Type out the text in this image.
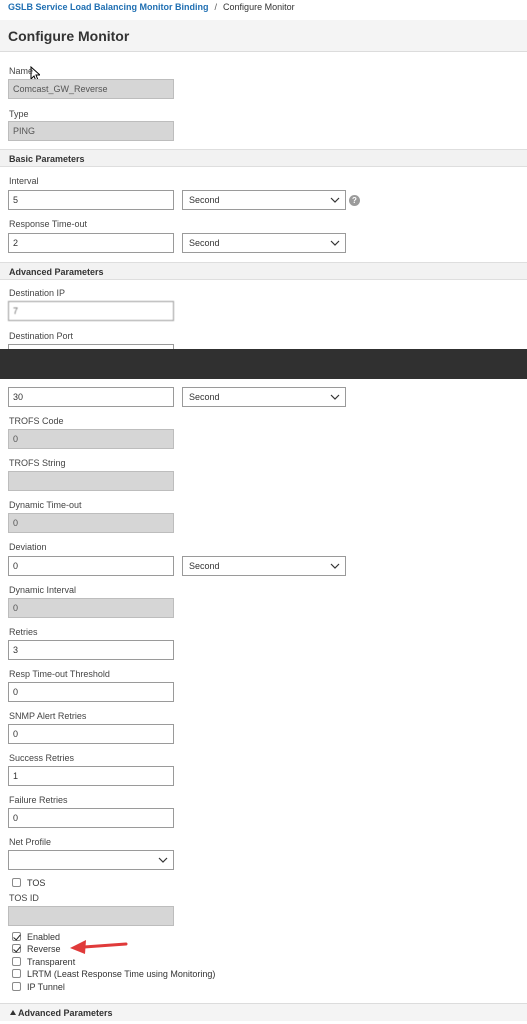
GSLB Service Load Balancing Monitor Binding / Configure Monitor
Configure Monitor
Name
Comcast_GW_Reverse
Type
PING
Basic Parameters
Interval
5	Second	?
Response Time-out
2	Second
Advanced Parameters
Destination IP
7
Destination Port
30	Second
TROFS Code
0
TROFS String
Dynamic Time-out
0
Deviation
0	Second
Dynamic Interval
0
Retries
3
Resp Time-out Threshold
0
SNMP Alert Retries
0
Success Retries
1
Failure Retries
0
Net Profile
TOS
TOS ID
Enabled
Reverse
Transparent
LRTM (Least Response Time using Monitoring)
IP Tunnel
Advanced Parameters
